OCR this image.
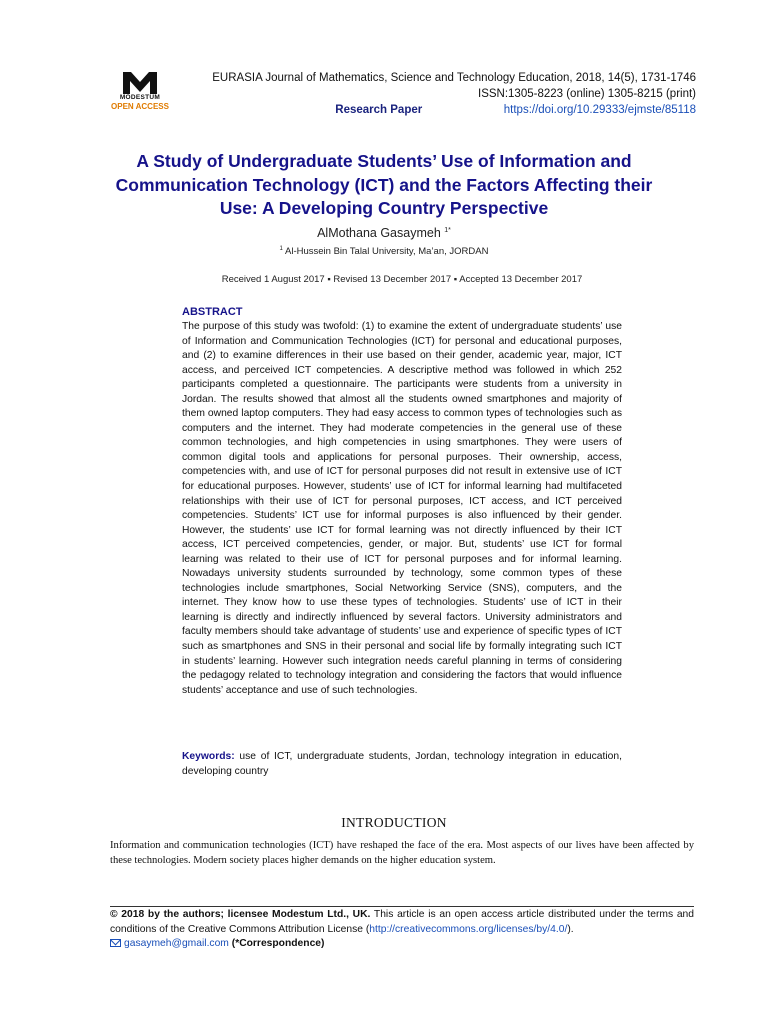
MODESTUM
OPEN ACCESS
EURASIA Journal of Mathematics, Science and Technology Education, 2018, 14(5), 1731-1746
ISSN:1305-8223 (online) 1305-8215 (print)
Research Paper	https://doi.org/10.29333/ejmste/85118
A Study of Undergraduate Students’ Use of Information and
Communication Technology (ICT) and the Factors Affecting their
Use: A Developing Country Perspective
AlMothana Gasaymeh $^{1*}$
$^1$ Al-Hussein Bin Talal University, Ma’an, JORDAN
Received 1 August 2017 ▪ Revised 13 December 2017 ▪ Accepted 13 December 2017
ABSTRACT
The purpose of this study was twofold: (1) to examine the extent of undergraduate students’ use of Information and Communication Technologies (ICT) for personal and educational purposes, and (2) to examine differences in their use based on their gender, academic year, major, ICT access, and perceived ICT competencies. A descriptive method was followed in which 252 participants completed a questionnaire. The participants were students from a university in Jordan. The results showed that almost all the students owned smartphones and majority of them owned laptop computers. They had easy access to common types of technologies such as computers and the internet. They had moderate competencies in the general use of these common technologies, and high competencies in using smartphones. They were users of common digital tools and applications for personal purposes. Their ownership, access, competencies with, and use of ICT for personal purposes did not result in extensive use of ICT for educational purposes. However, students’ use of ICT for informal learning had multifaceted relationships with their use of ICT for personal purposes, ICT access, and ICT perceived competencies. Students’ ICT use for informal purposes is also influenced by their gender. However, the students’ use ICT for formal learning was not directly influenced by their ICT access, ICT perceived competencies, gender, or major. But, students’ use ICT for formal learning was related to their use of ICT for personal purposes and for informal learning. Nowadays university students surrounded by technology, some common types of these technologies include smartphones, Social Networking Service (SNS), computers, and the internet. They know how to use these types of technologies. Students’ use of ICT in their learning is directly and indirectly influenced by several factors. University administrators and faculty members should take advantage of students’ use and experience of specific types of ICT such as smartphones and SNS in their personal and social life by formally integrating such ICT in students’ learning. However such integration needs careful planning in terms of considering the pedagogy related to technology integration and considering the factors that would influence students’ acceptance and use of such technologies.
Keywords: use of ICT, undergraduate students, Jordan, technology integration in education, developing country
INTRODUCTION
Information and communication technologies (ICT) have reshaped the face of the era. Most aspects of our lives have been affected by these technologies. Modern society places higher demands on the higher education system.
© 2018 by the authors; licensee Modestum Ltd., UK. This article is an open access article distributed under the terms and conditions of the Creative Commons Attribution License (http://creativecommons.org/licenses/by/4.0/).
gasaymeh@gmail.com (*Correspondence)
